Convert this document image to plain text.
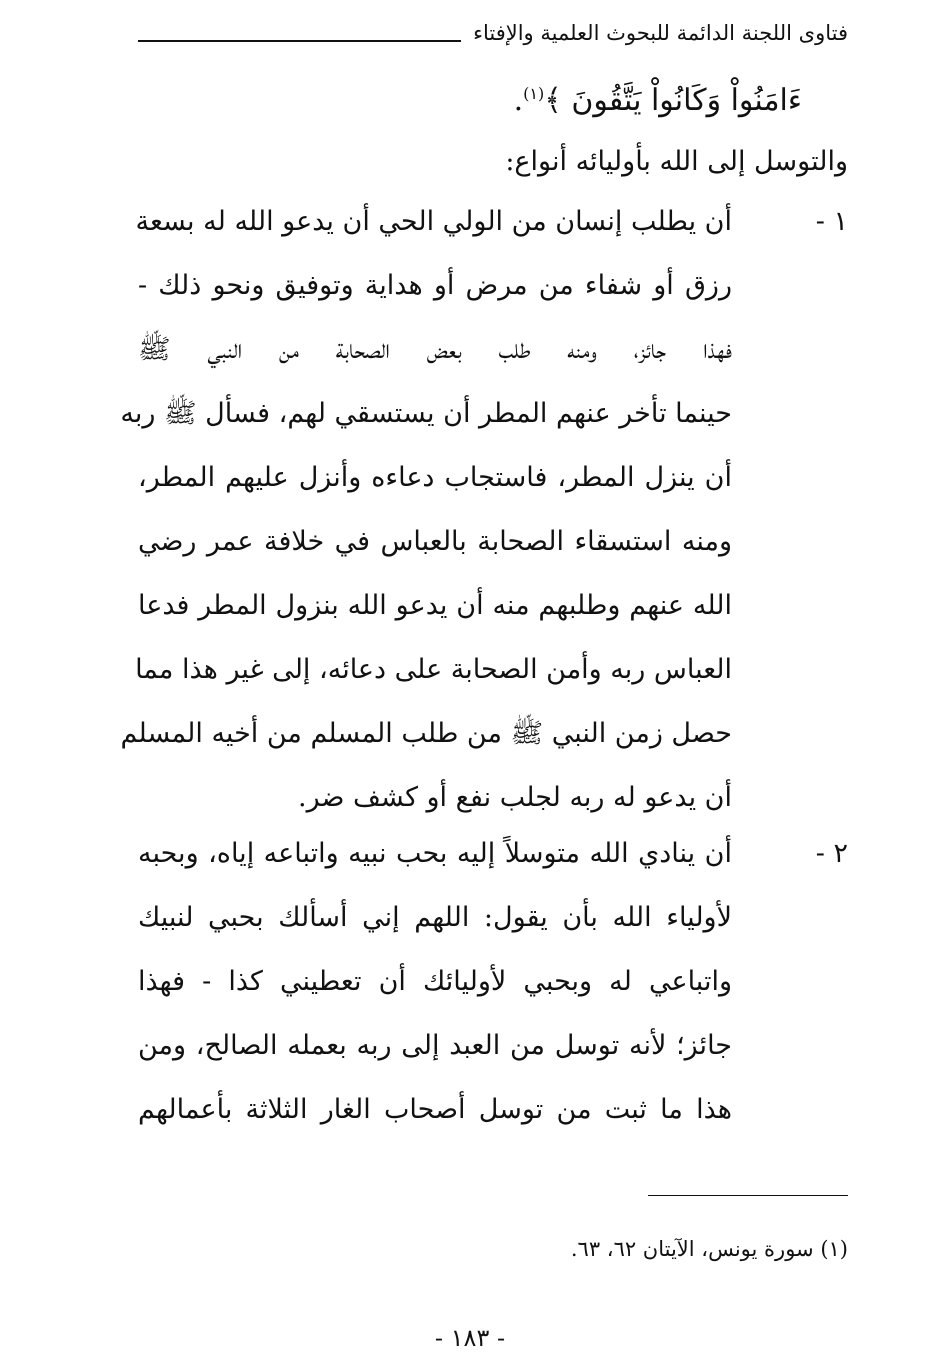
فتاوى اللجنة الدائمة للبحوث العلمية والإفتاء
ءَامَنُواْ وَكَانُواْ يَتَّقُونَ ﴾$^{(١)}$.
والتوسل إلى الله بأوليائه أنواع:
١ -
أن يطلب إنسان من الولي الحي أن يدعو الله له بسعة
رزق أو شفاء من مرض أو هداية وتوفيق ونحو ذلك -
فهذا جائز، ومنه طلب بعض الصحابة من النبي ﷺ
حينما تأخر عنهم المطر أن يستسقي لهم، فسأل ﷺ ربه
أن ينزل المطر، فاستجاب دعاءه وأنزل عليهم المطر،
ومنه استسقاء الصحابة بالعباس في خلافة عمر رضي
الله عنهم وطلبهم منه أن يدعو الله بنزول المطر فدعا
العباس ربه وأمن الصحابة على دعائه، إلى غير هذا مما
حصل زمن النبي ﷺ من طلب المسلم من أخيه المسلم
أن يدعو له ربه لجلب نفع أو كشف ضر.
٢ -
أن ينادي الله متوسلاً إليه بحب نبيه واتباعه إياه، وبحبه
لأولياء الله بأن يقول: اللهم إني أسألك بحبي لنبيك
واتباعي له وبحبي لأوليائك أن تعطيني كذا - فهذا
جائز؛ لأنه توسل من العبد إلى ربه بعمله الصالح، ومن
هذا ما ثبت من توسل أصحاب الغار الثلاثة بأعمالهم
(١) سورة يونس، الآيتان ٦٢، ٦٣.
- ١٨٣ -
